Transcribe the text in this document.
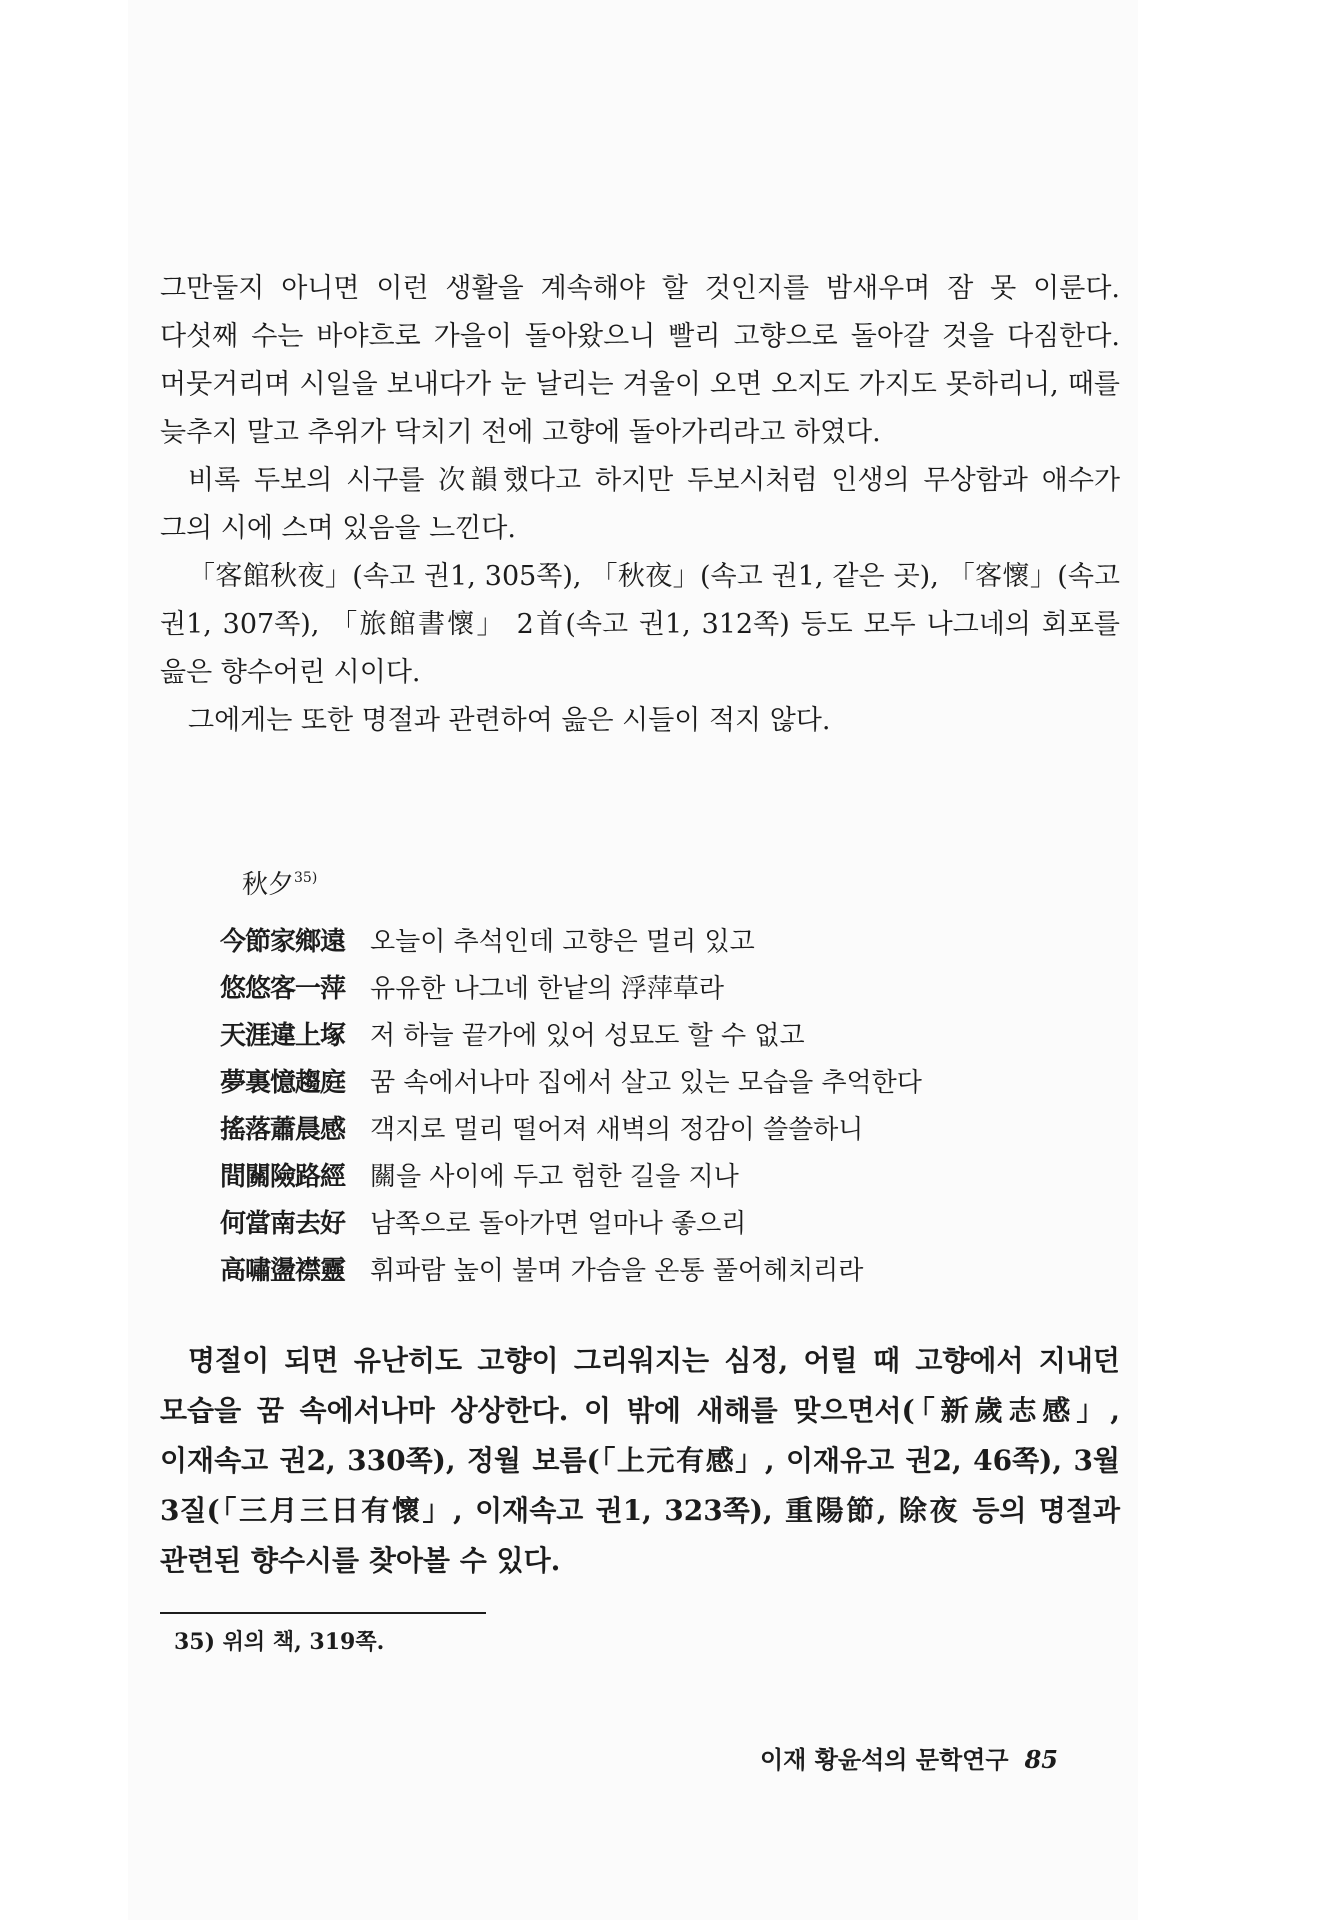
그만둘지 아니면 이런 생활을 계속해야 할 것인지를 밤새우며 잠 못 이룬다. 다섯째 수는 바야흐로 가을이 돌아왔으니 빨리 고향으로 돌아갈 것을 다짐한다. 머뭇거리며 시일을 보내다가 눈 날리는 겨울이 오면 오지도 가지도 못하리니, 때를 늦추지 말고 추위가 닥치기 전에 고향에 돌아가리라고 하였다.

비록 두보의 시구를 次韻했다고 하지만 두보시처럼 인생의 무상함과 애수가 그의 시에 스며 있음을 느낀다.

「客館秋夜」(속고 권1, 305쪽), 「秋夜」(속고 권1, 같은 곳), 「客懷」(속고 권1, 307쪽), 「旅館書懷」 2首(속고 권1, 312쪽) 등도 모두 나그네의 회포를 읊은 향수어린 시이다.

그에게는 또한 명절과 관련하여 읊은 시들이 적지 않다.

秋夕$^{35)}$

今節家鄉遠 오늘이 추석인데 고향은 멀리 있고
悠悠客一萍 유유한 나그네 한낱의 浮萍草라
天涯違上塚 저 하늘 끝가에 있어 성묘도 할 수 없고
夢裏憶趨庭 꿈 속에서나마 집에서 살고 있는 모습을 추억한다
搖落蕭晨感 객지로 멀리 떨어져 새벽의 정감이 쓸쓸하니
間關險路經 關을 사이에 두고 험한 길을 지나
何當南去好 남쪽으로 돌아가면 얼마나 좋으리
高嘯盪襟靈 휘파람 높이 불며 가슴을 온통 풀어헤치리라

명절이 되면 유난히도 고향이 그리워지는 심정, 어릴 때 고향에서 지내던 모습을 꿈 속에서나마 상상한다. 이 밖에 새해를 맞으면서(「新歲志感」, 이재속고 권2, 330쪽), 정월 보름(「上元有感」, 이재유고 권2, 46쪽), 3월 3질(「三月三日有懷」, 이재속고 권1, 323쪽), 重陽節, 除夜 등의 명절과 관련된 향수시를 찾아볼 수 있다.

35) 위의 책, 319쪽.

이재 황윤석의 문학연구 85
